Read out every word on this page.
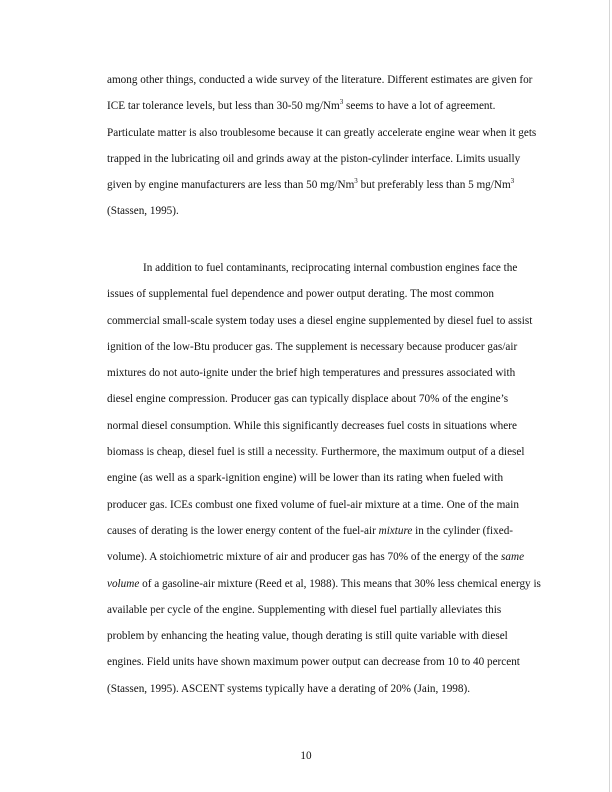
among other things, conducted a wide survey of the literature. Different estimates are given for
ICE tar tolerance levels, but less than 30-50 mg/Nm$^3$ seems to have a lot of agreement.
Particulate matter is also troublesome because it can greatly accelerate engine wear when it gets
trapped in the lubricating oil and grinds away at the piston-cylinder interface. Limits usually
given by engine manufacturers are less than 50 mg/Nm$^3$ but preferably less than 5 mg/Nm$^3$
(Stassen, 1995).
In addition to fuel contaminants, reciprocating internal combustion engines face the
issues of supplemental fuel dependence and power output derating. The most common
commercial small-scale system today uses a diesel engine supplemented by diesel fuel to assist
ignition of the low-Btu producer gas. The supplement is necessary because producer gas/air
mixtures do not auto-ignite under the brief high temperatures and pressures associated with
diesel engine compression. Producer gas can typically displace about 70% of the engine’s
normal diesel consumption. While this significantly decreases fuel costs in situations where
biomass is cheap, diesel fuel is still a necessity. Furthermore, the maximum output of a diesel
engine (as well as a spark-ignition engine) will be lower than its rating when fueled with
producer gas. ICEs combust one fixed volume of fuel-air mixture at a time. One of the main
causes of derating is the lower energy content of the fuel-air mixture in the cylinder (fixed-
volume). A stoichiometric mixture of air and producer gas has 70% of the energy of the same
volume of a gasoline-air mixture (Reed et al, 1988). This means that 30% less chemical energy is
available per cycle of the engine. Supplementing with diesel fuel partially alleviates this
problem by enhancing the heating value, though derating is still quite variable with diesel
engines. Field units have shown maximum power output can decrease from 10 to 40 percent
(Stassen, 1995). ASCENT systems typically have a derating of 20% (Jain, 1998).
10
